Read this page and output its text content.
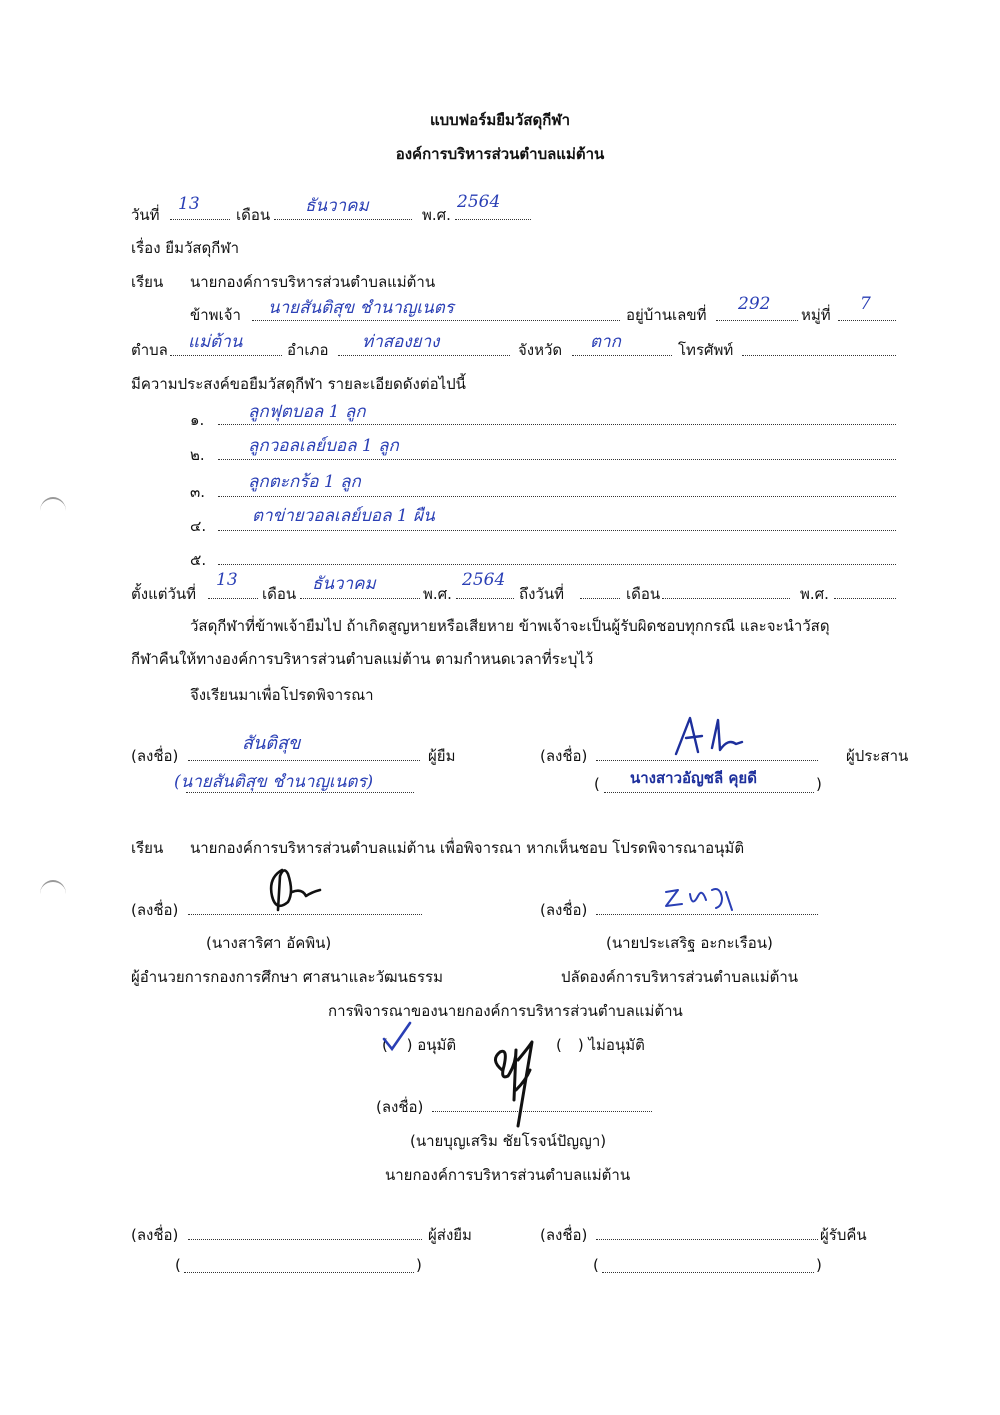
แบบฟอร์มยืมวัสดุกีฬา
องค์การบริหารส่วนตำบลแม่ต้าน
วันที่
13
เดือน ธันวาคม	พ.ศ.
2564
เรื่อง ยืมวัสดุกีฬา
เรียน นายกองค์การบริหารส่วนตำบลแม่ต้าน
ข้าพเจ้า นายสันติสุข ชำนาญเนตร	อยู่บ้านเลขที่
292
หมู่ที่
7
ตำบล แม่ต้าน	อำเภอ ท่าสองยาง	จังหวัด ตาก	โทรศัพท์
มีความประสงค์ขอยืมวัสดุกีฬา รายละเอียดดังต่อไปนี้
๑.	ลูกฟุตบอล 1 ลูก
๒.	ลูกวอลเลย์บอล 1 ลูก
๓.	ลูกตะกร้อ 1 ลูก
๔.	ตาข่ายวอลเลย์บอล 1 ผืน
๕.
ตั้งแต่วันที่
13
เดือน ธันวาคม	พ.ศ.
2564
ถึงวันที่	เดือน	พ.ศ.
วัสดุกีฬาที่ข้าพเจ้ายืมไป ถ้าเกิดสูญหายหรือเสียหาย ข้าพเจ้าจะเป็นผู้รับผิดชอบทุกกรณี และจะนำวัสดุ
กีฬาคืนให้ทางองค์การบริหารส่วนตำบลแม่ต้าน ตามกำหนดเวลาที่ระบุไว้
จึงเรียนมาเพื่อโปรดพิจารณา
(ลงชื่อ)
สันติสุข
ผู้ยืม
(นายสันติสุข ชำนาญเนตร)
(ลงชื่อ)	ผู้ประสาน
( นางสาวอัญชลี คุยดี	)
เรียน นายกองค์การบริหารส่วนตำบลแม่ต้าน เพื่อพิจารณา หากเห็นชอบ โปรดพิจารณาอนุมัติ
(ลงชื่อ)
(นางสาริศา อัคพิน)
ผู้อำนวยการกองการศึกษา ศาสนาและวัฒนธรรม
(ลงชื่อ)
(นายประเสริฐ อะกะเรือน)
ปลัดองค์การบริหารส่วนตำบลแม่ต้าน
การพิจารณาของนายกองค์การบริหารส่วนตำบลแม่ต้าน
( ) อนุมัติ	( ) ไม่อนุมัติ
(ลงชื่อ)
(นายบุญเสริม ชัยโรจน์ปัญญา)
นายกองค์การบริหารส่วนตำบลแม่ต้าน
(ลงชื่อ)	ผู้ส่งยืม
(	)
(ลงชื่อ)	ผู้รับคืน
(	)
